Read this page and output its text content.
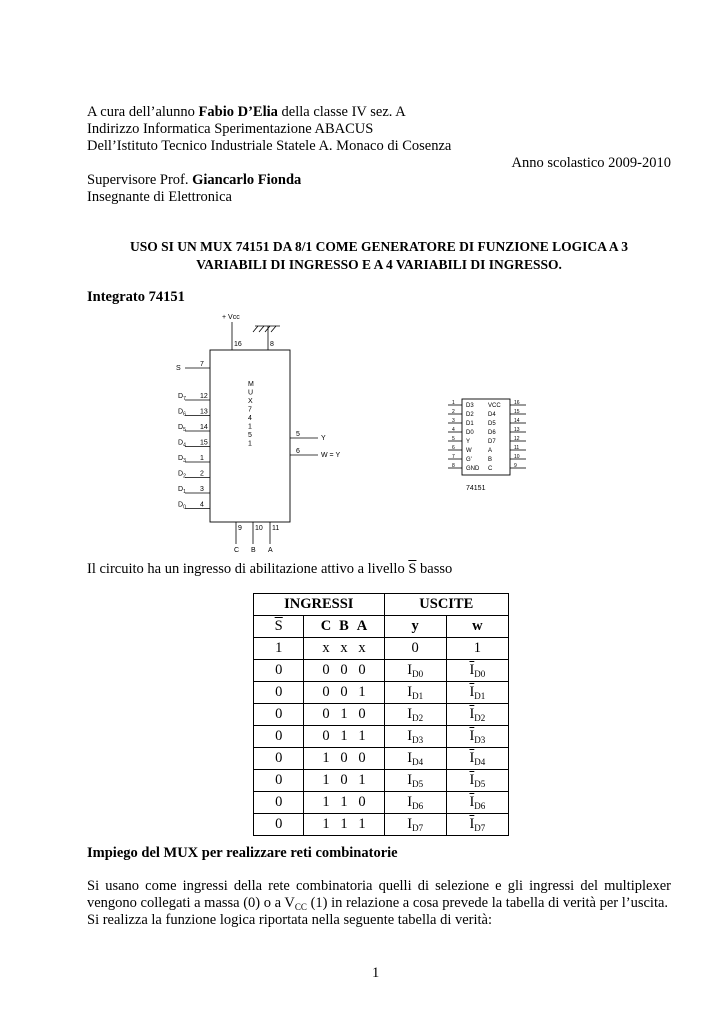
A cura dell’alunno Fabio D’Elia della classe IV sez. A
Indirizzo Informatica Sperimentazione ABACUS
Dell’Istituto Tecnico Industriale Statele A. Monaco di Cosenza
Anno scolastico 2009-2010
Supervisore Prof. Giancarlo Fionda
Insegnante di Elettronica
USO SI UN MUX 74151 DA 8/1 COME GENERATORE DI FUNZIONE LOGICA A 3
VARIABILI DI INGRESSO E A 4 VARIABILI DI INGRESSO.
Integrato 74151
+ Vcc
16	8
M
U
X
7
4
1
5
1
7
S
12
$D_7$
13
$D_6$
14
$D_5$
15
$D_4$
1
$D_3$
2
$D_2$
3
$D_1$
4
$D_0$
5
Y
6
W = Y
9
C
10
B
11
A
1 D3
2 D2
3 D1
4 D0
5 Y
6 W
7 G'
8 GND
16
VCC
15
D4
14
D5
13
D6
12
D7
11
A
10
B
9
C
74151
Il circuito ha un ingresso di abilitazione attivo a livello $\overline{S}$ basso
INGRESSI		USCITE	
$\overline{S}$	C B A	y	w
1	x x x	0	1
0	0 0 0	$I_{D0}$	$\overline{I}_{D0}$
0	0 0 1	$I_{D1}$	$\overline{I}_{D1}$
0	0 1 0	$I_{D2}$	$\overline{I}_{D2}$
0	0 1 1	$I_{D3}$	$\overline{I}_{D3}$
0	1 0 0	$I_{D4}$	$\overline{I}_{D4}$
0	1 0 1	$I_{D5}$	$\overline{I}_{D5}$
0	1 1 0	$I_{D6}$	$\overline{I}_{D6}$
0	1 1 1	$I_{D7}$	$\overline{I}_{D7}$
Impiego del MUX per realizzare reti combinatorie
Si usano come ingressi della rete combinatoria quelli di selezione e gli ingressi del multiplexer vengono collegati a massa (0) o a $V_{CC}$ (1) in relazione a cosa prevede la tabella di verità per l’uscita.
Si realizza la funzione logica riportata nella seguente tabella di verità:
1
